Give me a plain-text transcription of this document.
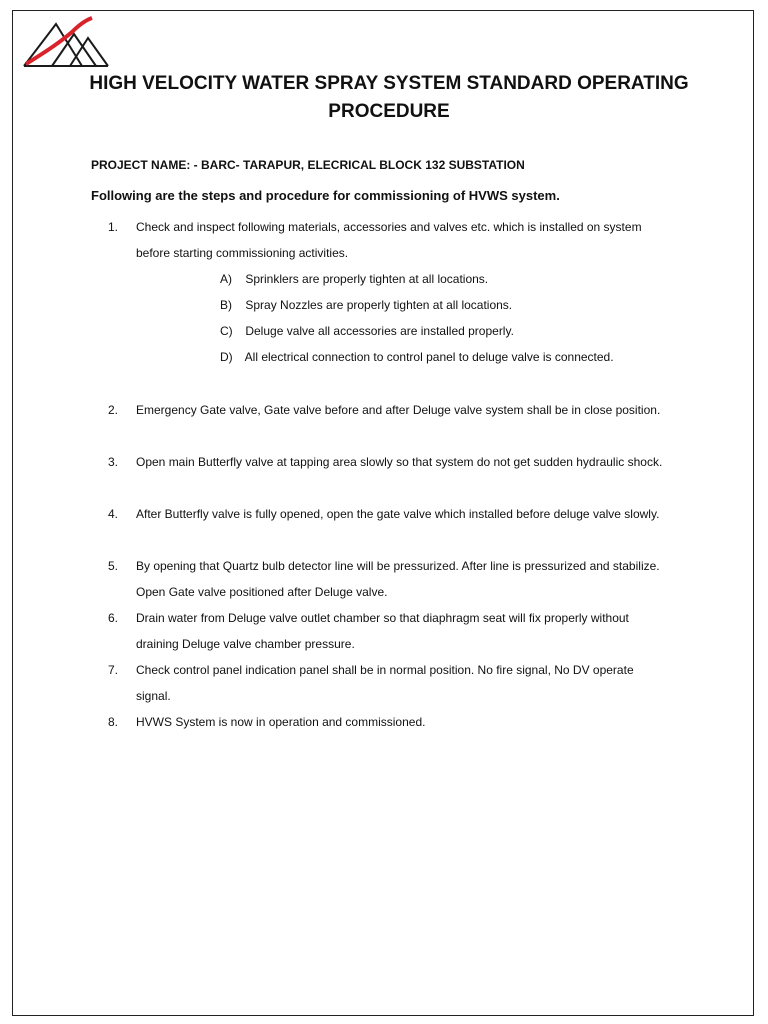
HIGH VELOCITY WATER SPRAY SYSTEM STANDARD OPERATING PROCEDURE
PROJECT NAME: - BARC- TARAPUR, ELECRICAL BLOCK 132 SUBSTATION
Following are the steps and procedure for commissioning of HVWS system.
1. Check and inspect following materials, accessories and valves etc. which is installed on system before starting commissioning activities.
A) Sprinklers are properly tighten at all locations.
B) Spray Nozzles are properly tighten at all locations.
C) Deluge valve all accessories are installed properly.
D) All electrical connection to control panel to deluge valve is connected.
2. Emergency Gate valve, Gate valve before and after Deluge valve system shall be in close position.
3. Open main Butterfly valve at tapping area slowly so that system do not get sudden hydraulic shock.
4. After Butterfly valve is fully opened, open the gate valve which installed before deluge valve slowly.
5. By opening that Quartz bulb detector line will be pressurized. After line is pressurized and stabilize. Open Gate valve positioned after Deluge valve.
6. Drain water from Deluge valve outlet chamber so that diaphragm seat will fix properly without draining Deluge valve chamber pressure.
7. Check control panel indication panel shall be in normal position. No fire signal, No DV operate signal.
8. HVWS System is now in operation and commissioned.
